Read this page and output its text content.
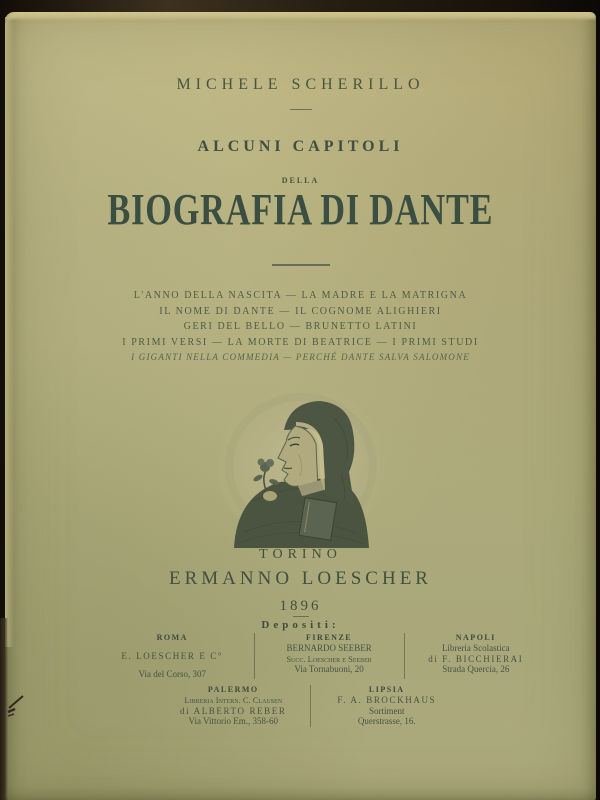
MICHELE SCHERILLO
ALCUNI CAPITOLI
DELLA
BIOGRAFIA DI DANTE
L'ANNO DELLA NASCITA — LA MADRE E LA MATRIGNA
IL NOME DI DANTE — IL COGNOME ALIGHIERI
GERI DEL BELLO — BRUNETTO LATINI
I PRIMI VERSI — LA MORTE DI BEATRICE — I PRIMI STUDI
I GIGANTI NELLA COMMEDIA — PERCHÉ DANTE SALVA SALOMONE
TORINO
ERMANNO LOESCHER
1896
Depositi:
ROMA
E. LOESCHER E C°
Via del Corso, 307
FIRENZE
BERNARDO SEEBER
Succ. Loescher e Seeber
Via Tornabuoni, 20
NAPOLI
Libreria Scolastica
di F. BICCHIERAI
Strada Quercia, 26
PALERMO
Libreria Intern. C. Clausen
di ALBERTO REBER
Via Vittorio Em., 358-60
LIPSIA
F. A. BROCKHAUS
Sortiment
Querstrasse, 16.
